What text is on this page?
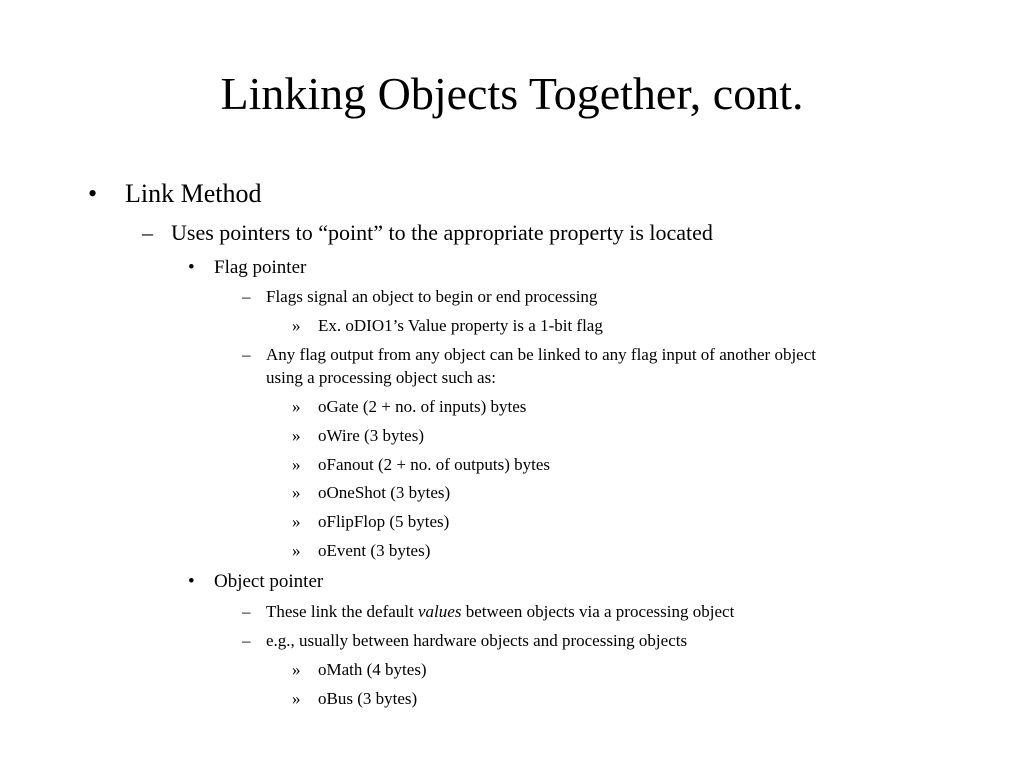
Linking Objects Together, cont.
• Link Method
– Uses pointers to “point” to the appropriate property is located
• Flag pointer
– Flags signal an object to begin or end processing
» Ex. oDIO1’s Value property is a 1-bit flag
– Any flag output from any object can be linked to any flag input of another object
using a processing object such as:
» oGate (2 + no. of inputs) bytes
» oWire (3 bytes)
» oFanout (2 + no. of outputs) bytes
» oOneShot (3 bytes)
» oFlipFlop (5 bytes)
» oEvent (3 bytes)
• Object pointer
– These link the default values between objects via a processing object
– e.g., usually between hardware objects and processing objects
» oMath (4 bytes)
» oBus (3 bytes)
